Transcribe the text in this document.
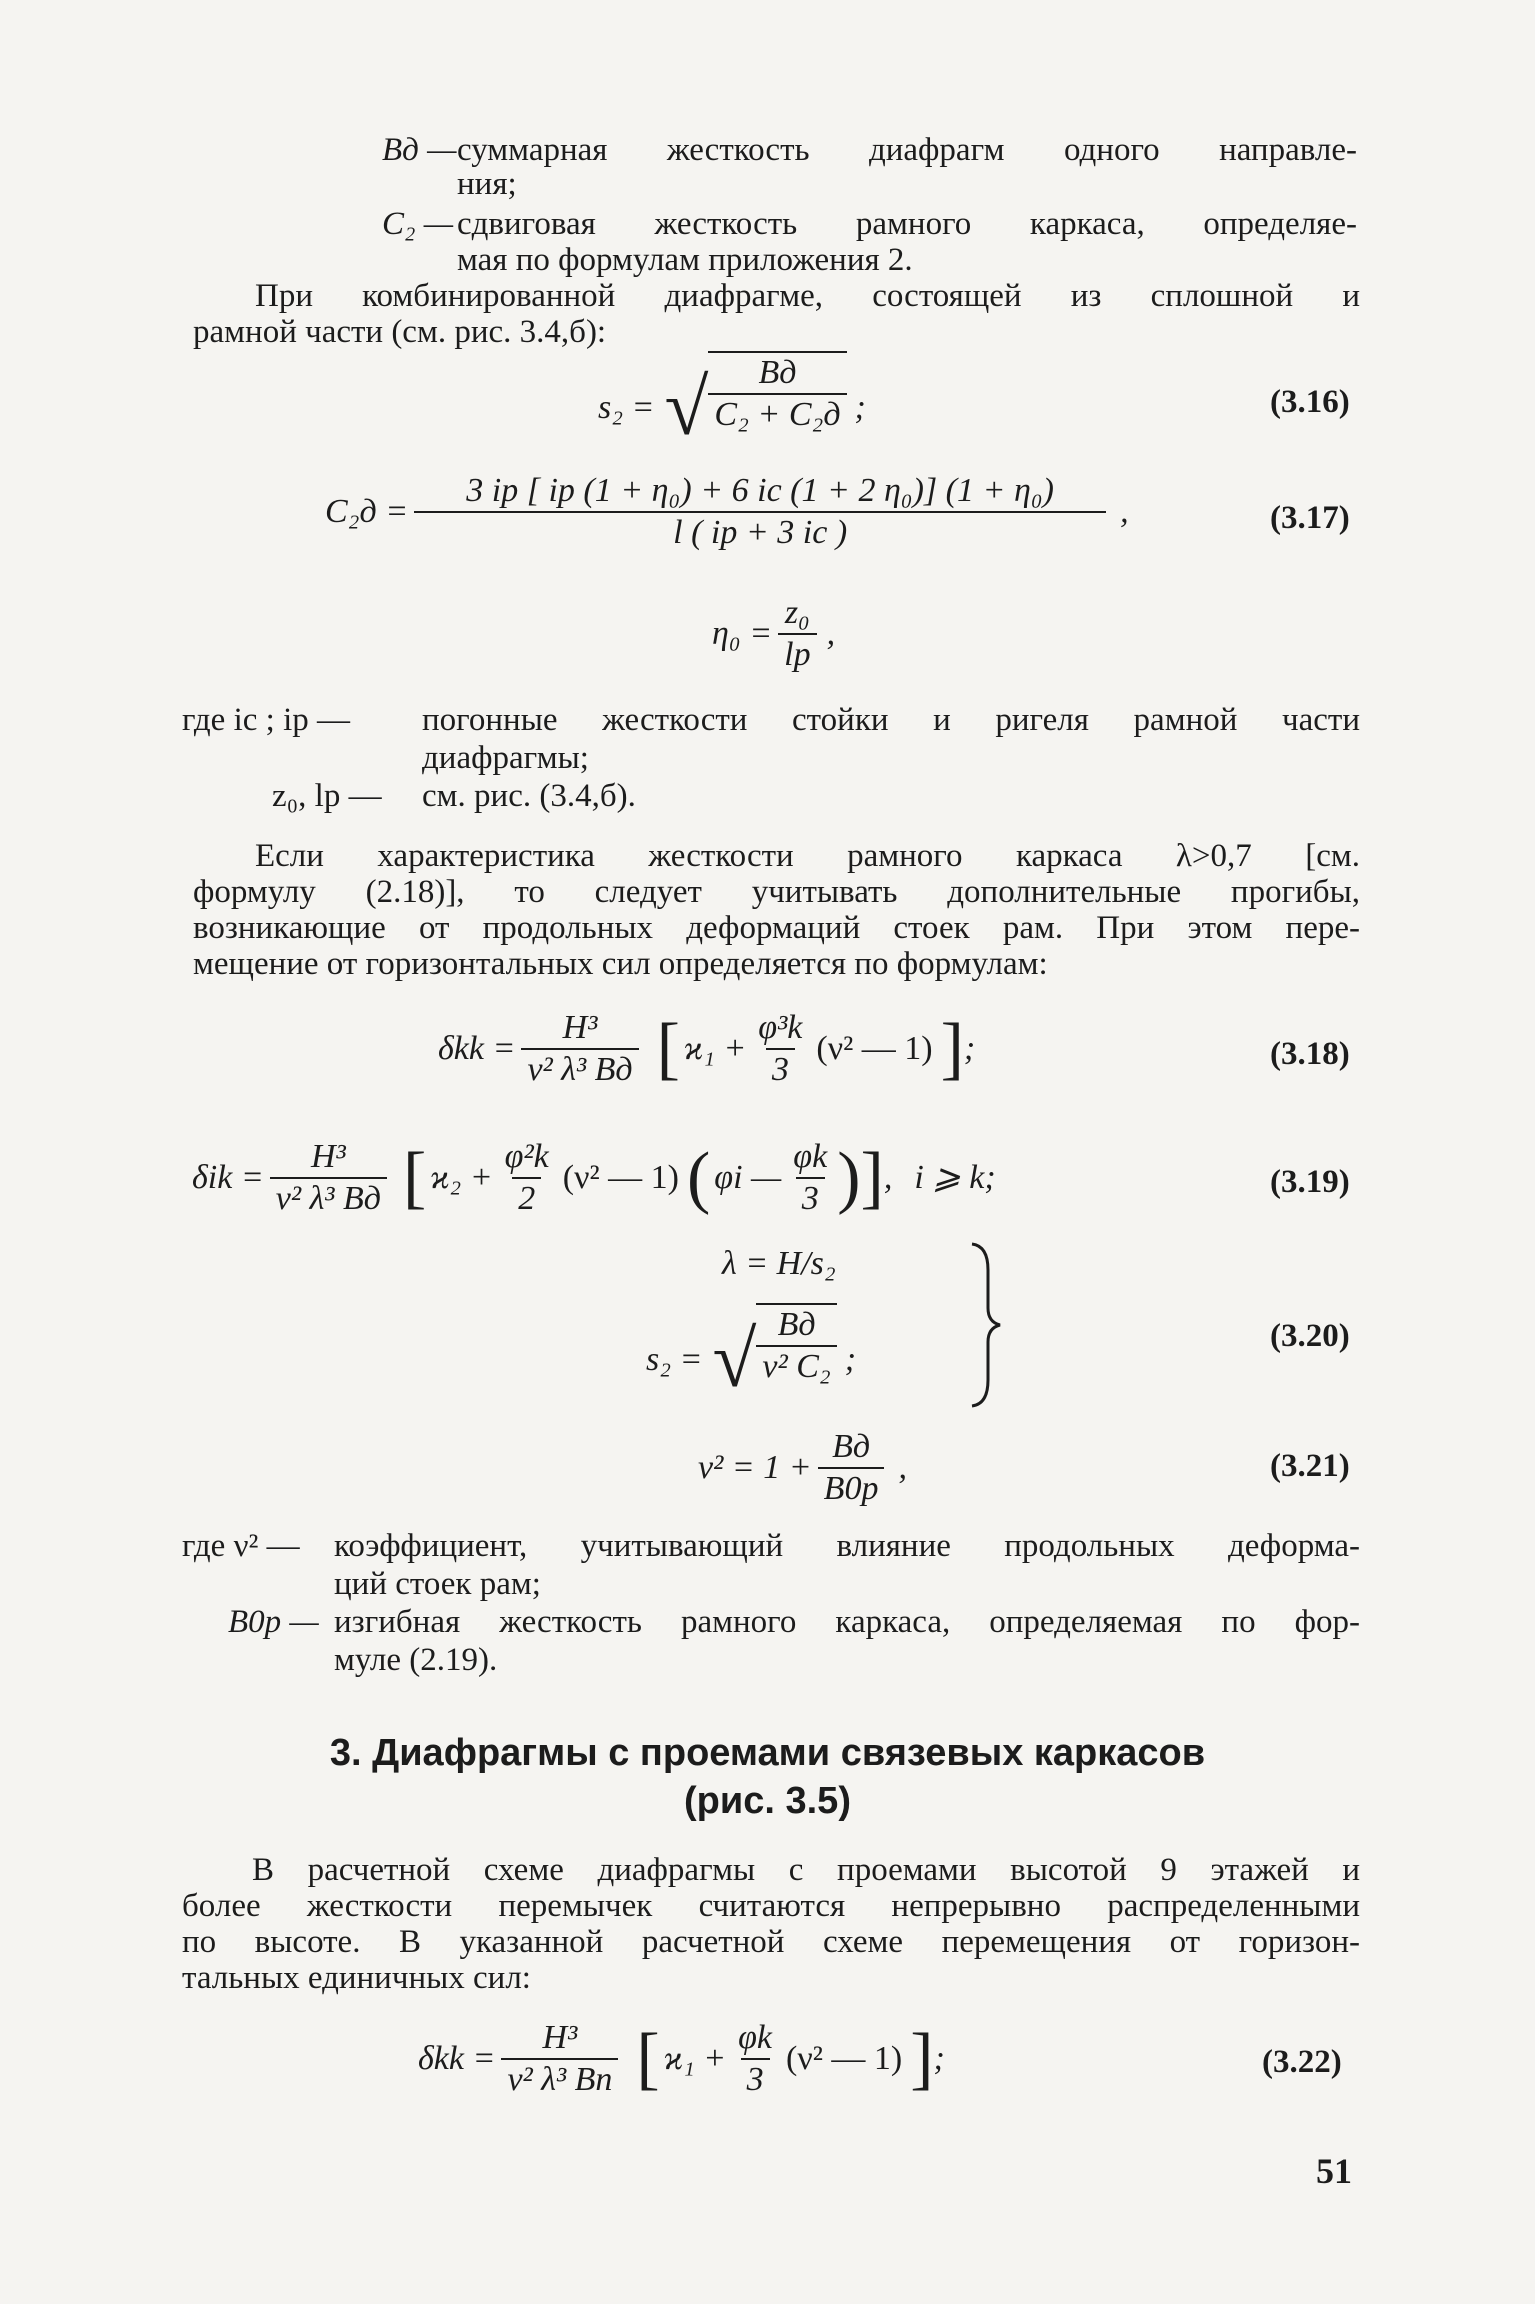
Bд — суммарная жесткость диафрагм одного направле-
ния;
C₂ — сдвиговая жесткость рамного каркаса, определяе-
мая по формулам приложения 2.
При комбинированной диафрагме, состоящей из сплошной и
рамной части (см. рис. 3.4,б):
s₂ = √ $\frac{Bд}{\text{C₂ + C₂д}}$ ;	(3.16)
$C_2д = \frac{\text{3 iр [ iр (1 + η₀) + 6 iс (1 + 2 η₀)] (1 + η₀)}}{l ( iр + 3 iс )}$ ,	(3.17)
$\eta_0 = \frac{\text{z₀}}{lр}$ ,
где iс ; iр — погонные жесткости стойки и ригеля рамной части
диафрагмы;
z₀, lр — см. рис. (3.4,б).
Если характеристика жесткости рамного каркаса λ>0,7 [см.
формулу (2.18)], то следует учитывать дополнительные прогибы,
возникающие от продольных деформаций стоек рам. При этом пере-
мещение от горизонтальных сил определяется по формулам:
$\delta kk = \frac{\text{H³}}{\text{ν² λ³ Bд}}$ [ $ϰ_1 + \frac{\text{φ³k}}{3} (\nu^2$ — 1) ] ;	(3.18)
$\delta ik = \frac{\text{H³}}{\text{ν² λ³ Bд}}$ [ $ϰ_2 + \frac{\text{φ²k}}{2} (\nu^2$ — 1) ( φi — $\frac{\varphi k}{3}$ ) ] , i ⩾ k;	(3.19)
λ = H/s₂
s₂ = √ $\frac{Bд}{\text{ν² C₂}}$ ;
(3.20)
$\nu^2 = 1 + \frac{Bд}{B0р}$ ,	(3.21)
где ν² — коэффициент, учитывающий влияние продольных деформа-
ций стоек рам;
B0р — изгибная жесткость рамного каркаса, определяемая по фор-
муле (2.19).
3. Диафрагмы с проемами связевых каркасов
(рис. 3.5)
В расчетной схеме диафрагмы с проемами высотой 9 этажей и
более жесткости перемычек считаются непрерывно распределенными
по высоте. В указанной расчетной схеме перемещения от горизон-
тальных единичных сил:
$\delta kk = \frac{\text{H³}}{\text{ν² λ³ Bп}}$ [ $ϰ_1 + \frac{\varphi k}{3} (\nu^2$ — 1) ] ;	(3.22)
51
